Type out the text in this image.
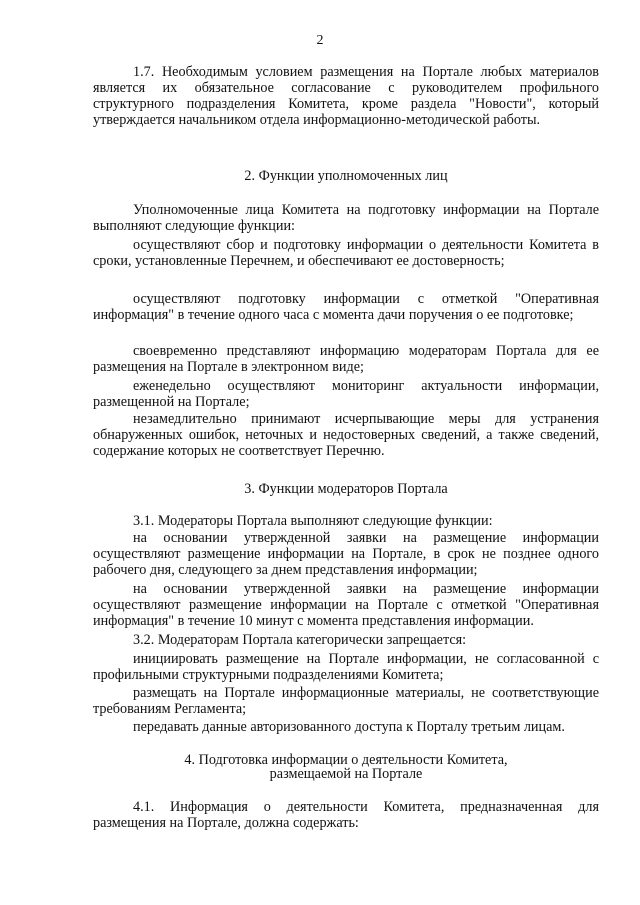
2
1.7. Необходимым условием размещения на Портале любых материалов является их обязательное согласование с руководителем профильного структурного подразделения Комитета, кроме раздела "Новости", который утверждается начальником отдела информационно-методической работы.
2. Функции уполномоченных лиц
Уполномоченные лица Комитета на подготовку информации на Портале выполняют следующие функции:
осуществляют сбор и подготовку информации о деятельности Комитета в сроки, установленные Перечнем, и обеспечивают ее достоверность;
осуществляют подготовку информации с отметкой "Оперативная информация" в течение одного часа с момента дачи поручения о ее подготовке;
своевременно представляют информацию модераторам Портала для ее размещения на Портале в электронном виде;
еженедельно осуществляют мониторинг актуальности информации, размещенной на Портале;
незамедлительно принимают исчерпывающие меры для устранения обнаруженных ошибок, неточных и недостоверных сведений, а также сведений, содержание которых не соответствует Перечню.
3. Функции модераторов Портала
3.1. Модераторы Портала выполняют следующие функции:
на основании утвержденной заявки на размещение информации осуществляют размещение информации на Портале, в срок не позднее одного рабочего дня, следующего за днем представления информации;
на основании утвержденной заявки на размещение информации осуществляют размещение информации на Портале с отметкой "Оперативная информация" в течение 10 минут с момента представления информации.
3.2. Модераторам Портала категорически запрещается:
инициировать размещение на Портале информации, не согласованной с профильными структурными подразделениями Комитета;
размещать на Портале информационные материалы, не соответствующие требованиям Регламента;
передавать данные авторизованного доступа к Порталу третьим лицам.
4. Подготовка информации о деятельности Комитета,
размещаемой на Портале
4.1. Информация о деятельности Комитета, предназначенная для размещения на Портале, должна содержать:
